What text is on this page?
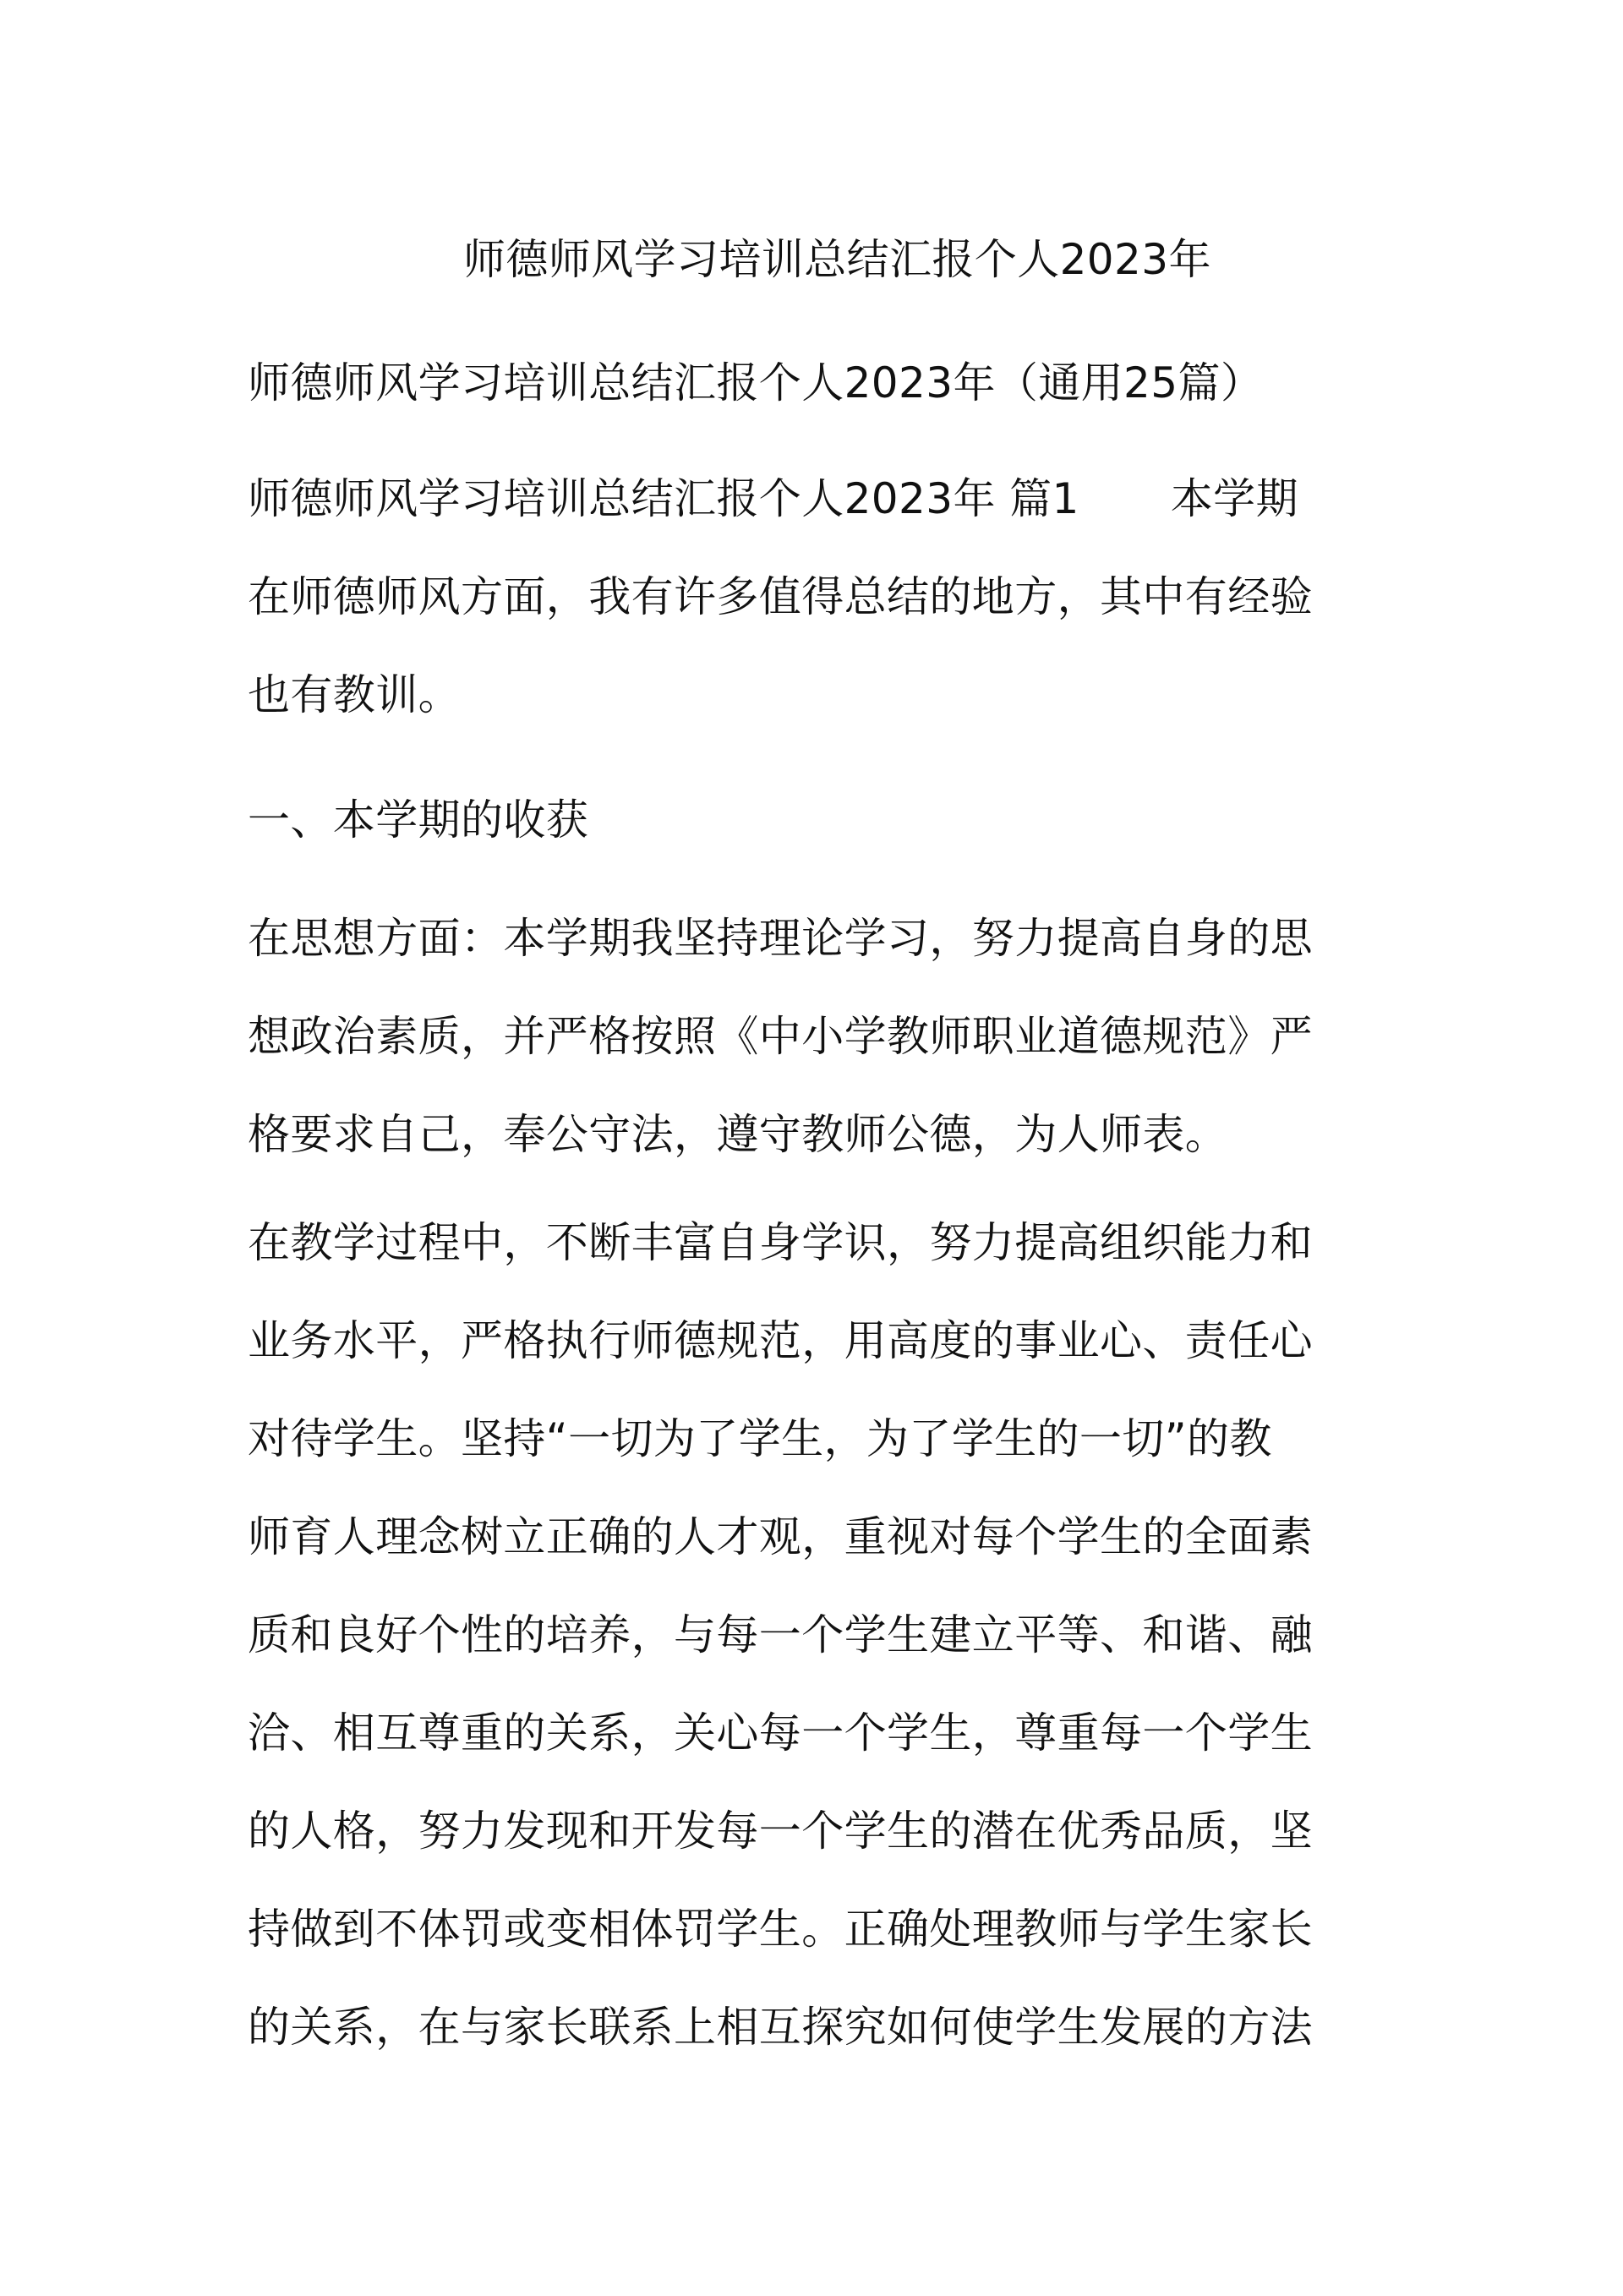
师德师风学习培训总结汇报个人2023年
师德师风学习培训总结汇报个人2023年（通用25篇）
师德师风学习培训总结汇报个人2023年 篇1 本学期
在师德师风方面，我有许多值得总结的地方，其中有经验
也有教训。
一、本学期的收获
在思想方面：本学期我坚持理论学习，努力提高自身的思
想政治素质，并严格按照《中小学教师职业道德规范》严
格要求自己，奉公守法，遵守教师公德，为人师表。
在教学过程中，不断丰富自身学识，努力提高组织能力和
业务水平，严格执行师德规范，用高度的事业心、责任心
对待学生。坚持“一切为了学生，为了学生的一切”的教
师育人理念树立正确的人才观，重视对每个学生的全面素
质和良好个性的培养，与每一个学生建立平等、和谐、融
洽、相互尊重的关系，关心每一个学生，尊重每一个学生
的人格，努力发现和开发每一个学生的潜在优秀品质，坚
持做到不体罚或变相体罚学生。正确处理教师与学生家长
的关系，在与家长联系上相互探究如何使学生发展的方法
